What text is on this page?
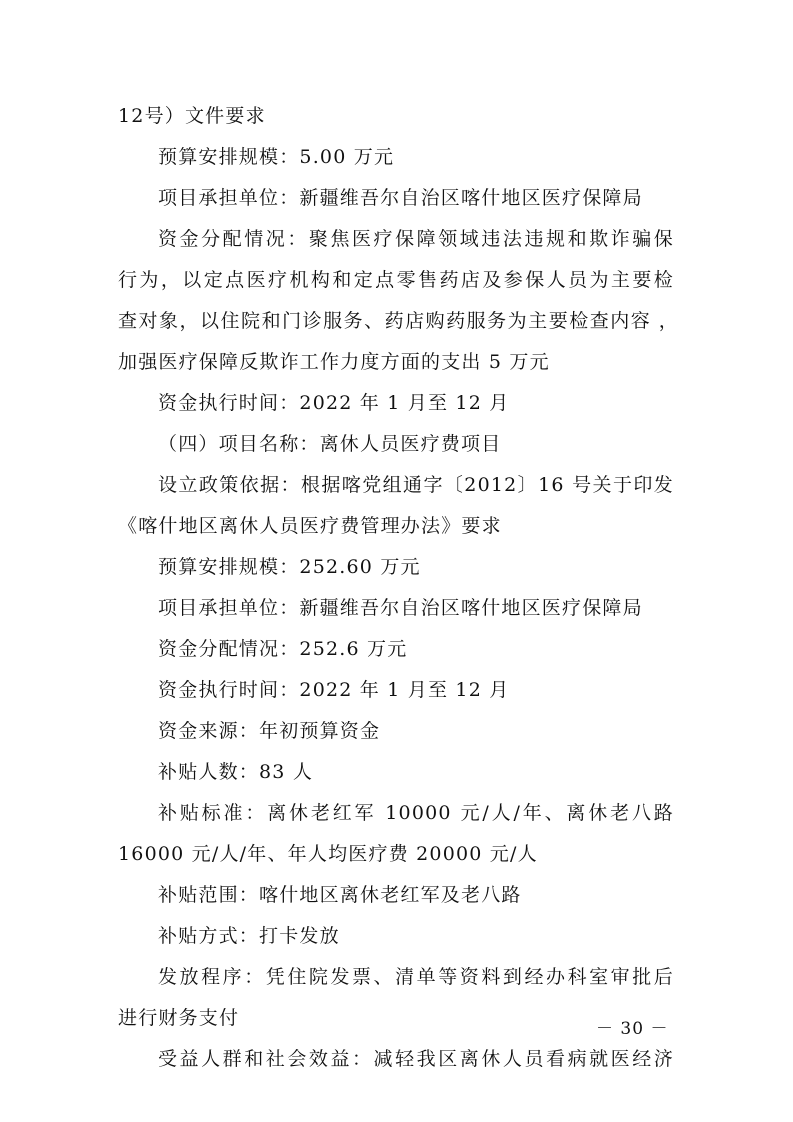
12号）文件要求

预算安排规模：5.00 万元

项目承担单位：新疆维吾尔自治区喀什地区医疗保障局

资金分配情况：聚焦医疗保障领域违法违规和欺诈骗保

行为，以定点医疗机构和定点零售药店及参保人员为主要检

查对象，以住院和门诊服务、药店购药服务为主要检查内容 ，

加强医疗保障反欺诈工作力度方面的支出 5 万元

资金执行时间：2022 年 1 月至 12 月

（四）项目名称：离休人员医疗费项目

设立政策依据：根据喀党组通字〔2012〕16 号关于印发

《喀什地区离休人员医疗费管理办法》要求

预算安排规模：252.60 万元

项目承担单位：新疆维吾尔自治区喀什地区医疗保障局

资金分配情况：252.6 万元

资金执行时间：2022 年 1 月至 12 月

资金来源：年初预算资金

补贴人数：83 人

补贴标准：离休老红军 10000 元/人/年、离休老八路

16000 元/人/年、年人均医疗费 20000 元/人

补贴范围：喀什地区离休老红军及老八路

补贴方式：打卡发放

发放程序：凭住院发票、清单等资料到经办科室审批后

进行财务支付

受益人群和社会效益：减轻我区离休人员看病就医经济

－ 30 －
